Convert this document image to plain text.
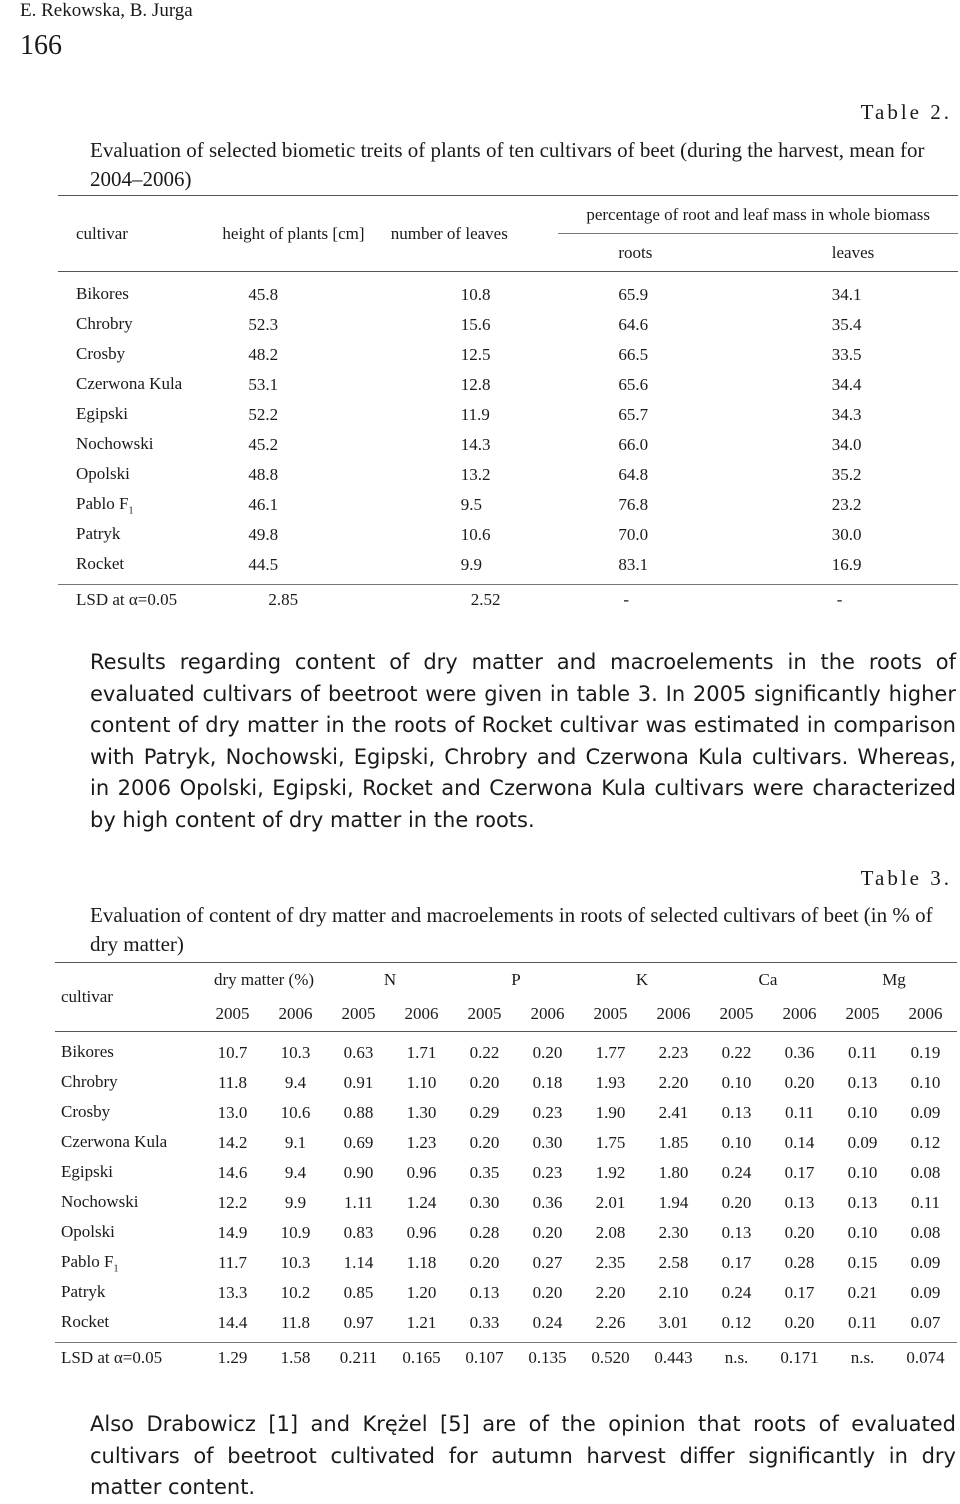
E. Rekowska, B. Jurga
166
Table 2.
Evaluation of selected biometic treits of plants of ten cultivars of beet (during the harvest, mean for 2004–2006)
cultivar	height of plants [cm]	number of leaves	percentage of root and leaf mass in whole biomass	
			roots	leaves

Bikores	45.8	10.8	65.9	34.1
Chrobry	52.3	15.6	64.6	35.4
Crosby	48.2	12.5	66.5	33.5
Czerwona Kula	53.1	12.8	65.6	34.4
Egipski	52.2	11.9	65.7	34.3
Nochowski	45.2	14.3	66.0	34.0
Opolski	48.8	13.2	64.8	35.2
Pablo $F_1$	46.1	9.5	76.8	23.2
Patryk	49.8	10.6	70.0	30.0
Rocket	44.5	9.9	83.1	16.9

LSD at α=0.05	2.85	2.52	-	-
Results regarding content of dry matter and macroelements in the roots of evaluated cultivars of beetroot were given in table 3. In 2005 significantly higher content of dry matter in the roots of Rocket cultivar was estimated in comparison with Patryk, Nochowski, Egipski, Chrobry and Czerwona Kula cultivars. Whereas, in 2006 Opolski, Egipski, Rocket and Czerwona Kula cultivars were characterized by high content of dry matter in the roots.
Table 3.
Evaluation of content of dry matter and macroelements in roots of selected cultivars of beet (in % of dry matter)
cultivar	dry matter (%)		N		P		K		Ca		Mg	
	2005	2006	2005	2006	2005	2006	2005	2006	2005	2006	2005	2006

Bikores	10.7	10.3	0.63	1.71	0.22	0.20	1.77	2.23	0.22	0.36	0.11	0.19
Chrobry	11.8	9.4	0.91	1.10	0.20	0.18	1.93	2.20	0.10	0.20	0.13	0.10
Crosby	13.0	10.6	0.88	1.30	0.29	0.23	1.90	2.41	0.13	0.11	0.10	0.09
Czerwona Kula	14.2	9.1	0.69	1.23	0.20	0.30	1.75	1.85	0.10	0.14	0.09	0.12
Egipski	14.6	9.4	0.90	0.96	0.35	0.23	1.92	1.80	0.24	0.17	0.10	0.08
Nochowski	12.2	9.9	1.11	1.24	0.30	0.36	2.01	1.94	0.20	0.13	0.13	0.11
Opolski	14.9	10.9	0.83	0.96	0.28	0.20	2.08	2.30	0.13	0.20	0.10	0.08
Pablo $F_1$	11.7	10.3	1.14	1.18	0.20	0.27	2.35	2.58	0.17	0.28	0.15	0.09
Patryk	13.3	10.2	0.85	1.20	0.13	0.20	2.20	2.10	0.24	0.17	0.21	0.09
Rocket	14.4	11.8	0.97	1.21	0.33	0.24	2.26	3.01	0.12	0.20	0.11	0.07

LSD at α=0.05	1.29	1.58	0.211	0.165	0.107	0.135	0.520	0.443	n.s.	0.171	n.s.	0.074
Also Drabowicz [1] and Krężel [5] are of the opinion that roots of evaluated cultivars of beetroot cultivated for autumn harvest differ significantly in dry matter content.
